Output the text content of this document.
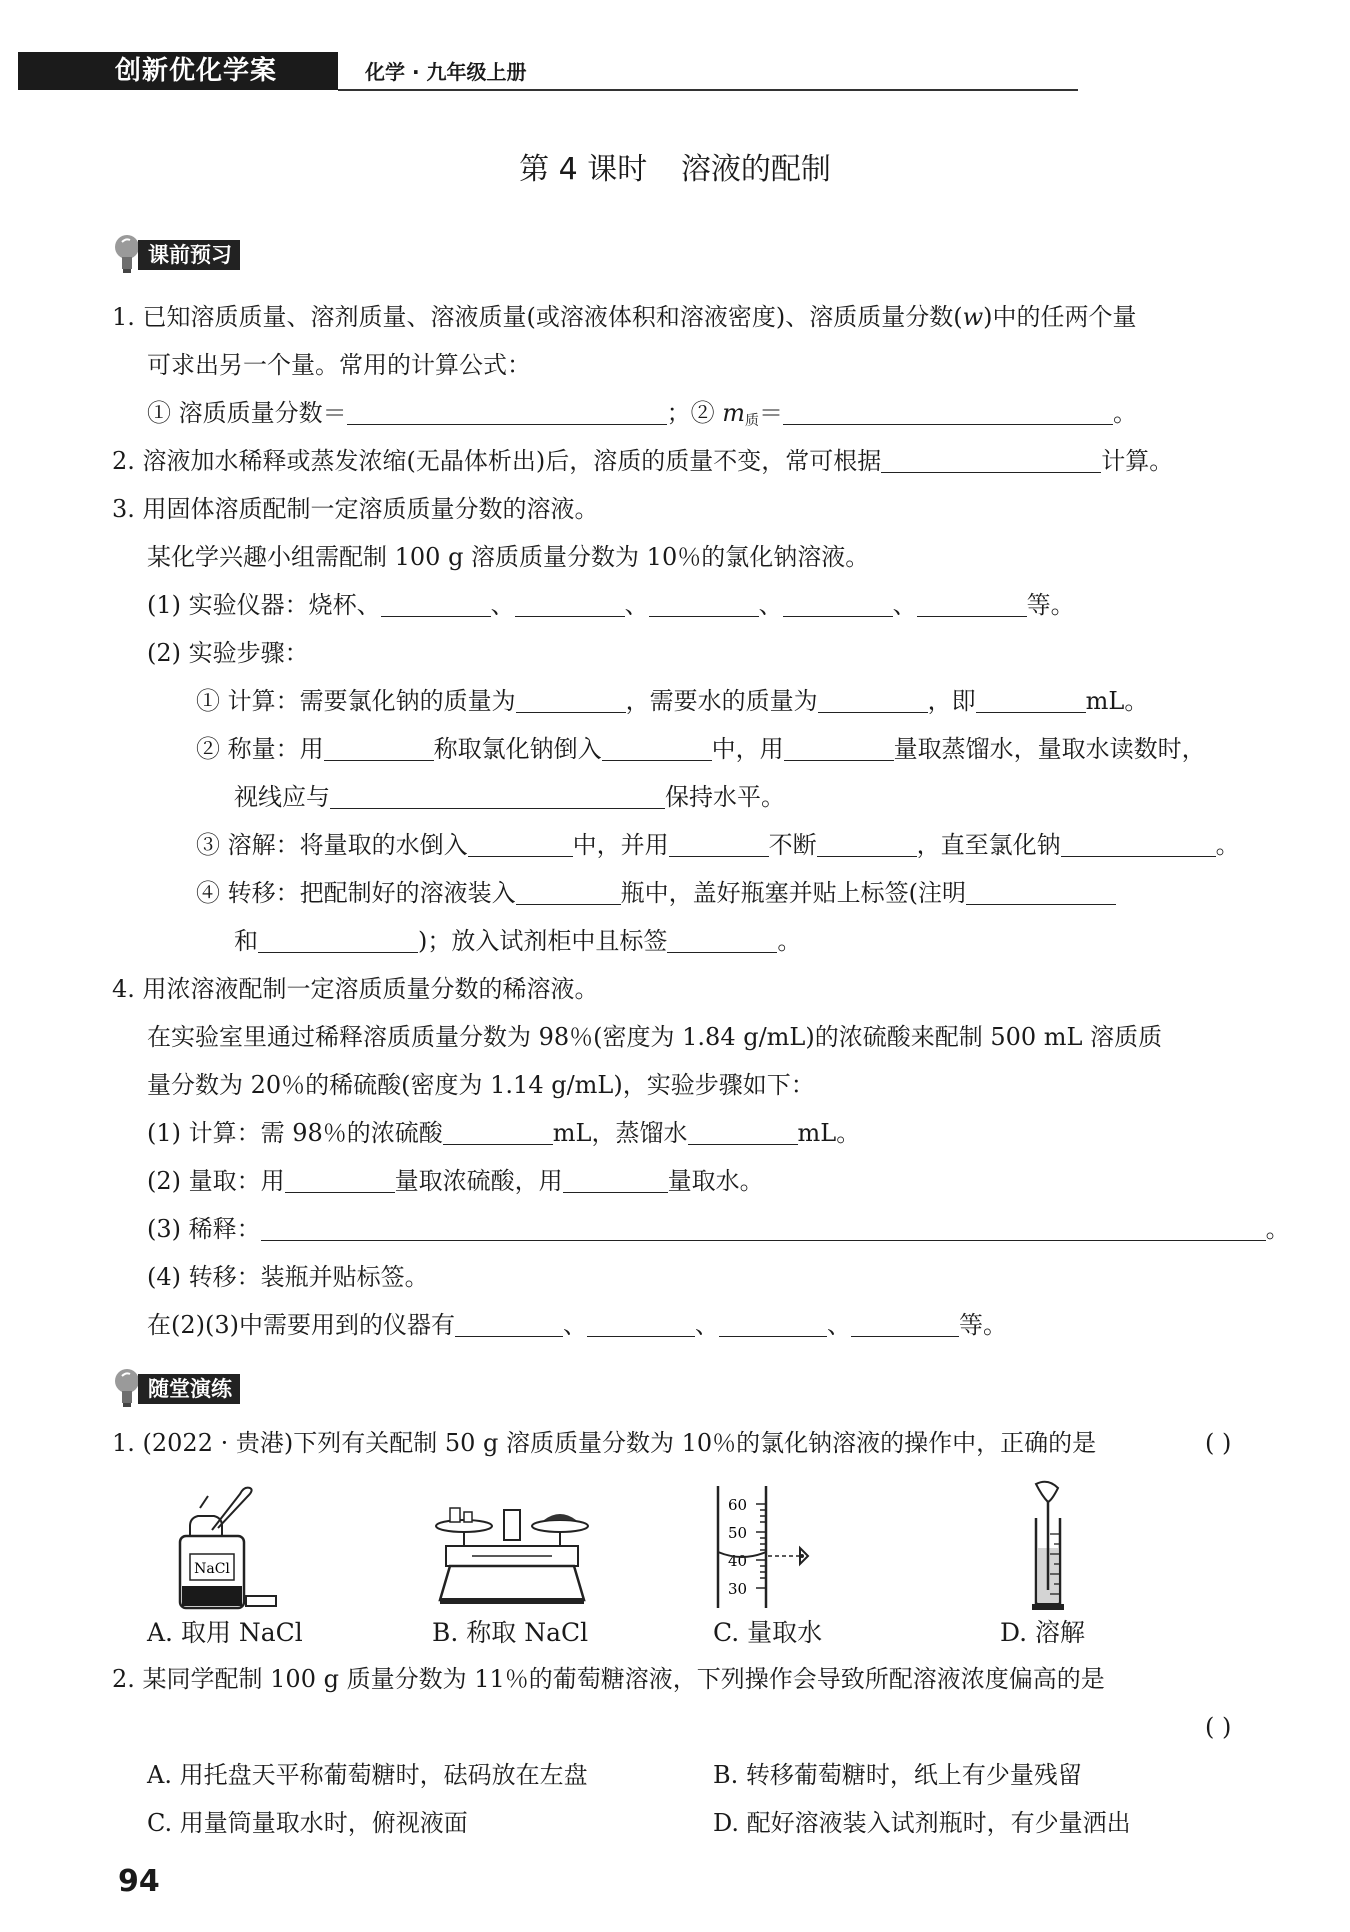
创新优化学案	化学 · 九年级上册
第 4 课时 溶液的配制
课前预习
1. 已知溶质质量、溶剂质量、溶液质量(或溶液体积和溶液密度)、溶质质量分数(𝑤)中的任两个量
可求出另一个量。常用的计算公式：
① 溶质质量分数＝	；② 𝑚$_质$＝	。
2. 溶液加水稀释或蒸发浓缩(无晶体析出)后，溶质的质量不变，常可根据	计算。
3. 用固体溶质配制一定溶质质量分数的溶液。
某化学兴趣小组需配制 100 g 溶质质量分数为 10％的氯化钠溶液。
(1) 实验仪器：烧杯、	、	、	、	、	等。
(2) 实验步骤：
① 计算：需要氯化钠的质量为	，需要水的质量为	，即	mL。
② 称量：用	称取氯化钠倒入	中，用	量取蒸馏水，量取水读数时，
视线应与	保持水平。
③ 溶解：将量取的水倒入	中，并用	不断	，直至氯化钠	。
④ 转移：把配制好的溶液装入	瓶中，盖好瓶塞并贴上标签(注明
和	)；放入试剂柜中且标签	。
4. 用浓溶液配制一定溶质质量分数的稀溶液。
在实验室里通过稀释溶质质量分数为 98％(密度为 1.84 g/mL)的浓硫酸来配制 500 mL 溶质质
量分数为 20％的稀硫酸(密度为 1.14 g/mL)，实验步骤如下：
(1) 计算：需 98％的浓硫酸	mL，蒸馏水	mL。
(2) 量取：用	量取浓硫酸，用	量取水。
(3) 稀释：	。
(4) 转移：装瓶并贴标签。
在(2)(3)中需要用到的仪器有	、	、	、	等。
随堂演练
1. (2022 · 贵港)下列有关配制 50 g 溶质质量分数为 10％的氯化钠溶液的操作中，正确的是	( )
NaCl
A. 取用 NaCl	B. 称取 NaCl
60
50
40
30
C. 量取水	D. 溶解
2. 某同学配制 100 g 质量分数为 11％的葡萄糖溶液，下列操作会导致所配溶液浓度偏高的是
( )
A. 用托盘天平称葡萄糖时，砝码放在左盘	B. 转移葡萄糖时，纸上有少量残留
C. 用量筒量取水时，俯视液面	D. 配好溶液装入试剂瓶时，有少量洒出
94
